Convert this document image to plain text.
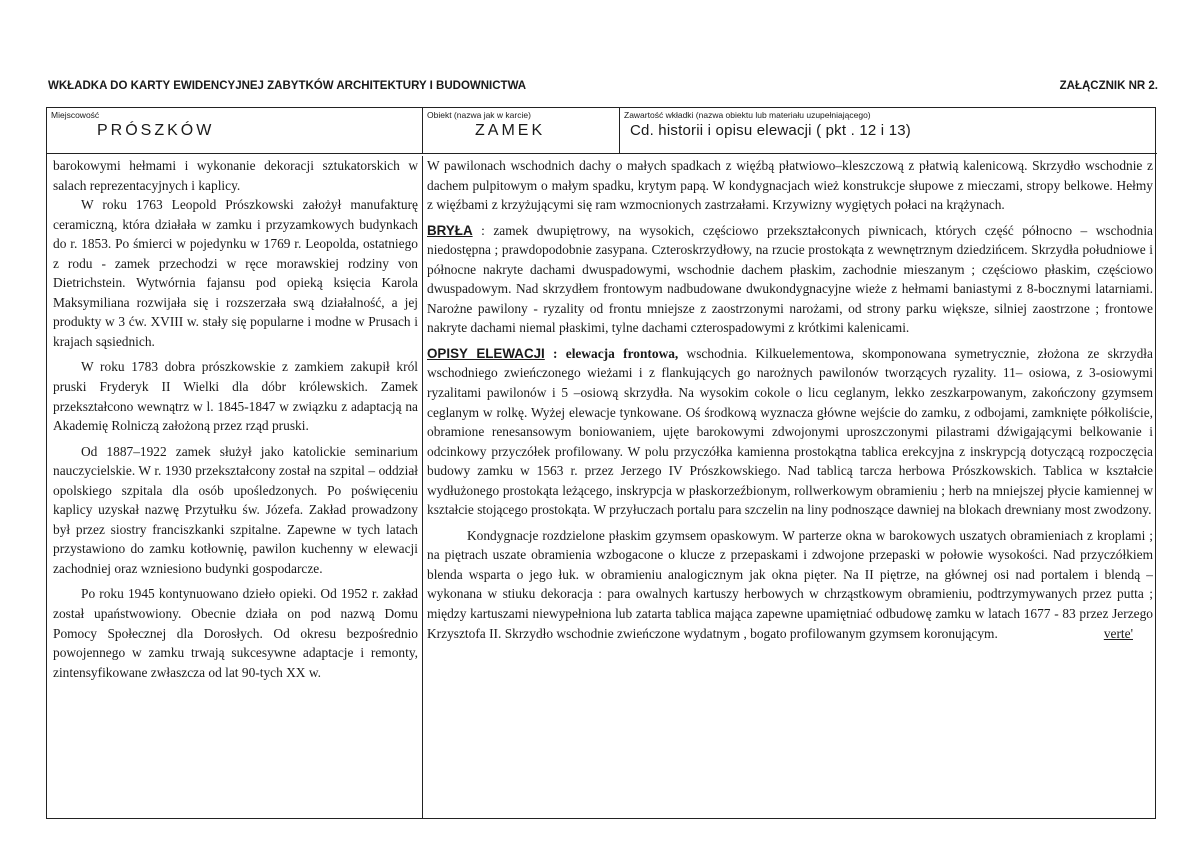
WKŁADKA DO KARTY EWIDENCYJNEJ ZABYTKÓW ARCHITEKTURY I BUDOWNICTWA	ZAŁĄCZNIK NR 2.
Miejscowość
PRÓSZKÓW
Obiekt (nazwa jak w karcie)
ZAMEK
Zawartość wkładki (nazwa obiektu lub materiału uzupełniającego)
Cd. historii i opisu elewacji ( pkt . 12 i 13)

barokowymi hełmami i wykonanie dekoracji sztukatorskich w salach reprezentacyjnych i kaplicy.

W roku 1763 Leopold Prószkowski założył manufakturę ceramiczną, która działała w zamku i przyzamkowych budynkach do r. 1853. Po śmierci w pojedynku w 1769 r. Leopolda, ostatniego z rodu - zamek przechodzi w ręce morawskiej rodziny von Dietrichstein. Wytwórnia fajansu pod opieką księcia Karola Maksymiliana rozwijała się i rozszerzała swą działalność, a jej produkty w 3 ćw. XVIII w. stały się popularne i modne w Prusach i krajach sąsiednich.

W roku 1783 dobra prószkowskie z zamkiem zakupił król pruski Fryderyk II Wielki dla dóbr królewskich. Zamek przekształcono wewnątrz w l. 1845-1847 w związku z adaptacją na Akademię Rolniczą założoną przez rząd pruski.

Od 1887–1922 zamek służył jako katolickie seminarium nauczycielskie. W r. 1930 przekształcony został na szpital – oddział opolskiego szpitala dla osób upośledzonych. Po poświęceniu kaplicy uzyskał nazwę Przytułku św. Józefa. Zakład prowadzony był przez siostry franciszkanki szpitalne. Zapewne w tych latach przystawiono do zamku kotłownię, pawilon kuchenny w elewacji zachodniej oraz wzniesiono budynki gospodarcze.

Po roku 1945 kontynuowano dzieło opieki. Od 1952 r. zakład został upaństwowiony. Obecnie działa on pod nazwą Domu Pomocy Społecznej dla Dorosłych. Od okresu bezpośrednio powojennego w zamku trwają sukcesywne adaptacje i remonty, zintensyfikowane zwłaszcza od lat 90-tych XX w.

W pawilonach wschodnich dachy o małych spadkach z więźbą płatwiowo–kleszczową z płatwią kalenicową. Skrzydło wschodnie z dachem pulpitowym o małym spadku, krytym papą. W kondygnacjach wież konstrukcje słupowe z mieczami, stropy belkowe. Hełmy z więźbami z krzyżującymi się ram wzmocnionych zastrzałami. Krzywizny wygiętych połaci na krążynach.

BRYŁA : zamek dwupiętrowy, na wysokich, częściowo przekształconych piwnicach, których część północno – wschodnia niedostępna ; prawdopodobnie zasypana. Czteroskrzydłowy, na rzucie prostokąta z wewnętrznym dziedzińcem. Skrzydła południowe i północne nakryte dachami dwuspadowymi, wschodnie dachem płaskim, zachodnie mieszanym ; częściowo płaskim, częściowo dwuspadowym. Nad skrzydłem frontowym nadbudowane dwukondygnacyjne wieże z hełmami baniastymi z 8-bocznymi latarniami. Narożne pawilony - ryzality od frontu mniejsze z zaostrzonymi narożami, od strony parku większe, silniej zaostrzone ; frontowe nakryte dachami niemal płaskimi, tylne dachami czterospadowymi z krótkimi kalenicami.

OPISY ELEWACJI : elewacja frontowa, wschodnia. Kilkuelementowa, skomponowana symetrycznie, złożona ze skrzydła wschodniego zwieńczonego wieżami i z flankujących go narożnych pawilonów tworzących ryzality. 11– osiowa, z 3-osiowymi ryzalitami pawilonów i 5 –osiową skrzydła. Na wysokim cokole o licu ceglanym, lekko zeszkarpowanym, zakończony gzymsem ceglanym w rolkę. Wyżej elewacje tynkowane. Oś środkową wyznacza główne wejście do zamku, z odbojami, zamknięte półkoliście, obramione renesansowym boniowaniem, ujęte barokowymi zdwojonymi uproszczonymi pilastrami dźwigającymi belkowanie i odcinkowy przyczółek profilowany. W polu przyczółka kamienna prostokątna tablica erekcyjna z inskrypcją dotyczącą rozpoczęcia budowy zamku w 1563 r. przez Jerzego IV Prószkowskiego. Nad tablicą tarcza herbowa Prószkowskich. Tablica w kształcie wydłużonego prostokąta leżącego, inskrypcja w płaskorzeźbionym, rollwerkowym obramieniu ; herb na mniejszej płycie kamiennej w kształcie stojącego prostokąta. W przyłuczach portalu para szczelin na liny podnoszące dawniej na blokach drewniany most zwodzony.

Kondygnacje rozdzielone płaskim gzymsem opaskowym. W parterze okna w barokowych uszatych obramieniach z kroplami ; na piętrach uszate obramienia wzbogacone o klucze z przepaskami i zdwojone przepaski w połowie wysokości. Nad przyczółkiem blenda wsparta o jego łuk. w obramieniu analogicznym jak okna pięter. Na II piętrze, na głównej osi nad portalem i blendą – wykonana w stiuku dekoracja : para owalnych kartuszy herbowych w chrząstkowym obramieniu, podtrzymywanych przez putta ; między kartuszami niewypełniona lub zatarta tablica mająca zapewne upamiętniać odbudowę zamku w latach 1677 - 83 przez Jerzego Krzysztofa II. Skrzydło wschodnie zwieńczone wydatnym , bogato profilowanym gzymsem koronującym.	verte'
